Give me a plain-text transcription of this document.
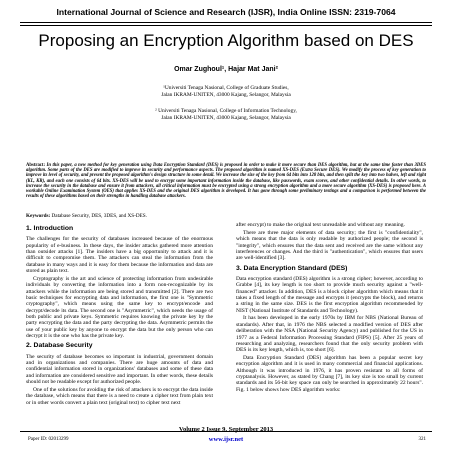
International Journal of Science and Research (IJSR), India Online ISSN: 2319-7064
Proposing an Encryption Algorithm based on DES
Omar Zughoul¹, Hajar Mat Jani²
¹Universiti Tenaga Nasional, College of Graduate Studies,
Jalan IKRAM-UNITEN, 43000 Kajang, Selangor, Malaysia
² Universiti Tenaga Nasional, College of Information Technology,
Jalan IKRAM-UNITEN, 43000 Kajang, Selangor, Malaysia

Abstract: In this paper, a new method for key generation using Data Encryption Standard (DES) is proposed in order to make it more secure than DES algorithm, but at the same time faster than 3DES algorithm. Some parts of the DES are modified to improve its security and performance aspects. The proposed algorithm is named XS-DES (Extra Secure DES). We modify the process of key generation to improve its level of security, and present the proposed algorithm's design structure in some detail. We increase the size of the key from 64 bits into 128 bits, and then split the key into two halves, left and right (KL, KR), and each one consists of 64 bits. XS-DES will be used to encrypt some important information inside the database, like passwords, exam scores, and other confidential details. In other words, to increase the security in the database and ensure it from attackers, all critical information must be encrypted using a strong encryption algorithm and a more secure algorithm (XS-DES) is proposed here. A workable Online Examination System (OES) that applies XS-DES and the original DES algorithm is developed. It has gone through some preliminary testings and a comparison is performed between the results of these algorithms based on their strengths in handling database attackers.

Keywords: Database Security, DES, 3DES, and XS-DES.

1. Introduction

The challenges for the security of databases increased because of the enormous popularity of e-business. In these days, the insider attacks gathered more attention than outsider attacks [1]. The insiders have a big opportunity to attack and it is difficult to compromise them. The attackers can steal the information from the database in many ways and it is easy for them because the information and data are stored as plain text.

Cryptography is the art and science of protecting information from undesirable individuals by converting the information into a form non-recognizable by its attackers while the information are being stored and transmitted [2]. There are two basic techniques for encrypting data and information, the first one is "Symmetric cryptography", which means using the same key to encrypt/encode and decrypt/decode its data. The second one is "Asymmetric", which needs the usage of both public and private keys. Symmetric requires knowing the private key by the party encrypting the data and the party decrypting the data. Asymmetric permits the use of your public key by anyone to encrypt the data but the only person who can decrypt it is the one who has the private key.

2. Database Security

The security of database becomes so important in industrial, government domain and in organizations and companies. There are huge amounts of data and confidential information stored in organizations' databases and some of these data and information are considered sensitive and important. In other words, these details should not be readable except for authorized people.

One of the solutions for avoiding the risk of attackers is to encrypt the data inside the database, which means that there is a need to create a cipher text from plain text or in other words convert a plain text (original text) to cipher text next

after encrypt) to make the original text unreadable and without any meaning.

There are three major elements of data security; the first is "confidentiality", which means that the data is only readable by authorized people; the second is "integrity", which ensures that the data sent and received are the same without any interferences or changes. And the third is "authentication", which ensures that users are well-identified [3].

3. Data Encryption Standard (DES)

Data encryption standard (DES) algorithm is a strong cipher; however, according to Grabbe [4], its key length is too short to provide much security against a "well-financed" attacker. In addition, DES is a block cipher algorithm which means that it takes a fixed length of the message and encrypts it (encrypts the block), and returns a string in the same size. DES is the first encryption algorithm recommended by NIST (National Institute of Standards and Technology).

It has been developed in the early 1970s by IBM for NBS (National Bureau of standards). After that, in 1976 the NBS selected a modified version of DES after deliberation with the NSA (National Security Agency) and published for the US in 1977 as a Federal Information Processing Standard (FIPS) [5]. After 25 years of researching and analyzing, researchers found that the only security problem with DES is its key length, which is, too short [6].

Data Encryption Standard (DES) algorithm has been a popular secret key encryption algorithm and it is used in many commercial and financial applications. Although it was introduced in 1976, it has proven resistant to all forms of cryptanalysis. However, as stated by Chang [7], its key size is too small by current standards and its 56-bit key space can only be searched in approximately 22 hours". Fig. 1 below shows how DES algorithm works:

Volume 2 Issue 9, September 2013
Paper ID: 02013299	www.ijsr.net	321
